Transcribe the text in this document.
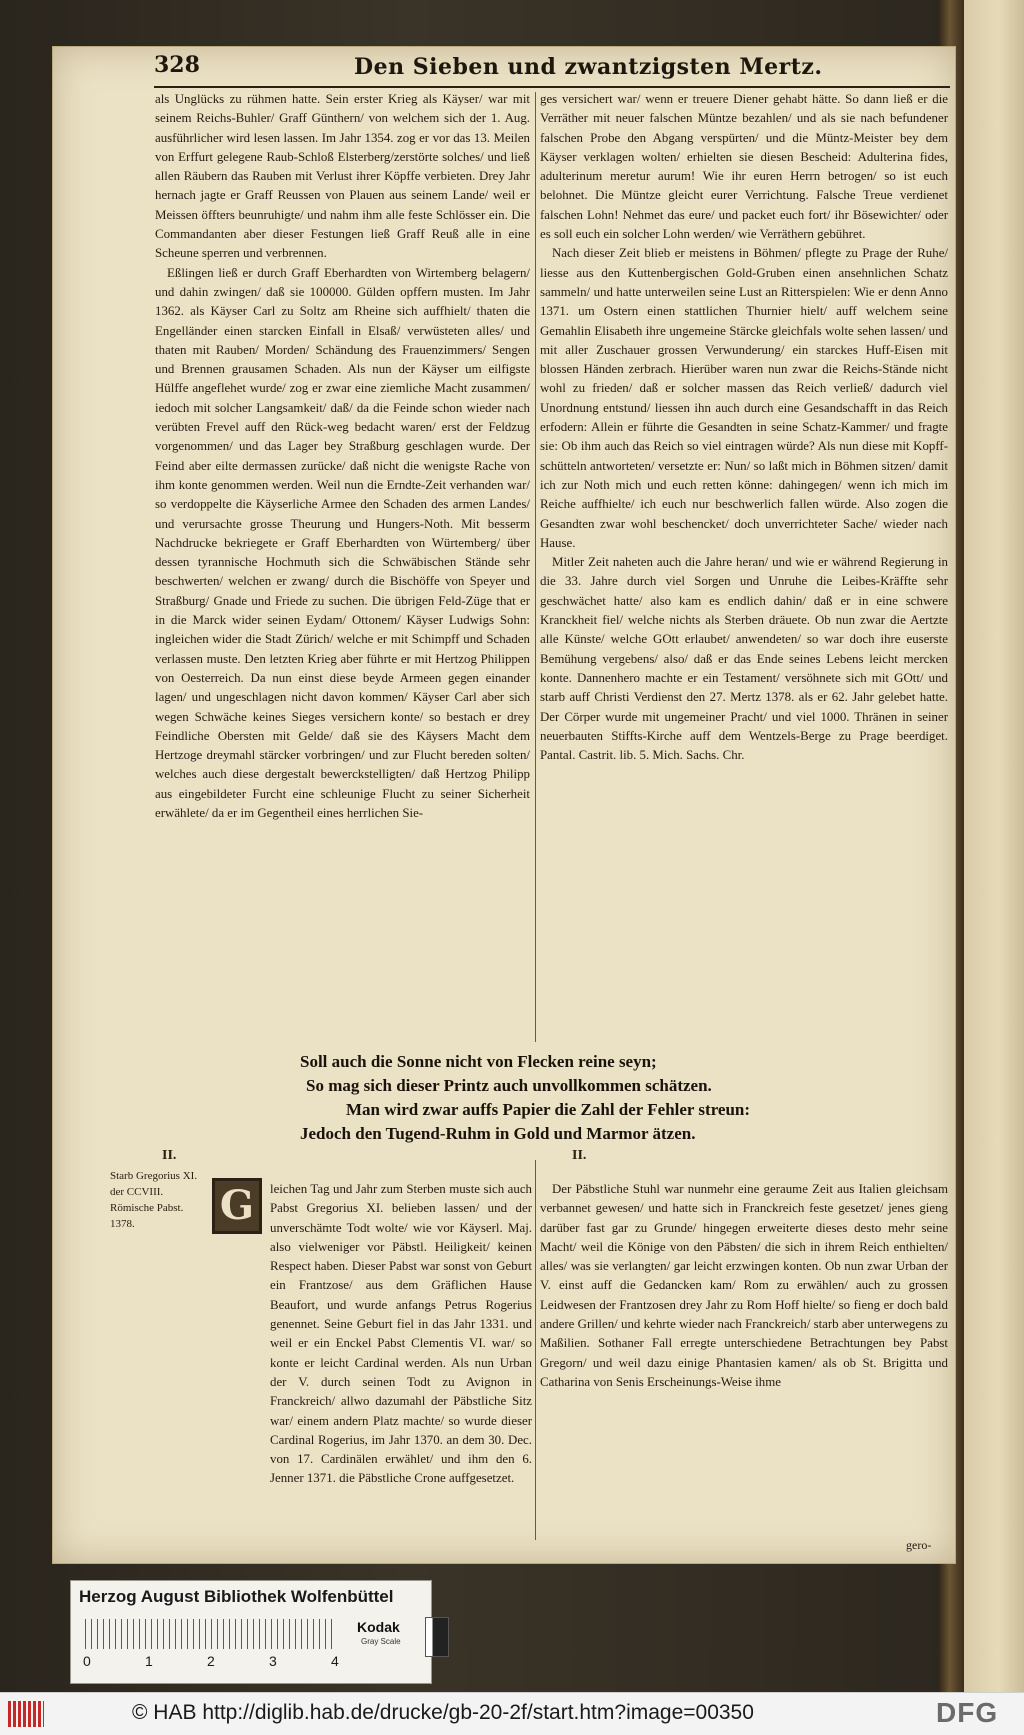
328	Den Sieben und zwantzigsten Mertz.

als Unglücks zu rühmen hatte. Sein erster Krieg als Käyser/ war mit seinem Reichs-Buhler/ Graff Günthern/ von welchem sich der 1. Aug. ausführlicher wird lesen lassen. Im Jahr 1354. zog er vor das 13. Meilen von Erffurt gelegene Raub-Schloß Elsterberg/zerstörte solches/ und ließ allen Räubern das Rauben mit Verlust ihrer Köpffe verbieten. Drey Jahr hernach jagte er Graff Reussen von Plauen aus seinem Lande/ weil er Meissen öffters beunruhigte/ und nahm ihm alle feste Schlösser ein. Die Commandanten aber dieser Festungen ließ Graff Reuß alle in eine Scheune sperren und verbrennen.

Eßlingen ließ er durch Graff Eberhardten von Wirtemberg belagern/ und dahin zwingen/ daß sie 100000. Gülden opffern musten. Im Jahr 1362. als Käyser Carl zu Soltz am Rheine sich auffhielt/ thaten die Engelländer einen starcken Einfall in Elsaß/ verwüsteten alles/ und thaten mit Rauben/ Morden/ Schändung des Frauenzimmers/ Sengen und Brennen grausamen Schaden. Als nun der Käyser um eilfigste Hülffe angeflehet wurde/ zog er zwar eine ziemliche Macht zusammen/ iedoch mit solcher Langsamkeit/ daß/ da die Feinde schon wieder nach verübten Frevel auff den Rück-weg bedacht waren/ erst der Feldzug vorgenommen/ und das Lager bey Straßburg geschlagen wurde. Der Feind aber eilte dermassen zurücke/ daß nicht die wenigste Rache von ihm konte genommen werden. Weil nun die Erndte-Zeit verhanden war/ so verdoppelte die Käyserliche Armee den Schaden des armen Landes/ und verursachte grosse Theurung und Hungers-Noth. Mit besserm Nachdrucke bekriegete er Graff Eberhardten von Würtemberg/ über dessen tyrannische Hochmuth sich die Schwäbischen Stände sehr beschwerten/ welchen er zwang/ durch die Bischöffe von Speyer und Straßburg/ Gnade und Friede zu suchen. Die übrigen Feld-Züge that er in die Marck wider seinen Eydam/ Ottonem/ Käyser Ludwigs Sohn: ingleichen wider die Stadt Zürich/ welche er mit Schimpff und Schaden verlassen muste. Den letzten Krieg aber führte er mit Hertzog Philippen von Oesterreich. Da nun einst diese beyde Armeen gegen einander lagen/ und ungeschlagen nicht davon kommen/ Käyser Carl aber sich wegen Schwäche keines Sieges versichern konte/ so bestach er drey Feindliche Obersten mit Gelde/ daß sie des Käysers Macht dem Hertzoge dreymahl stärcker vorbringen/ und zur Flucht bereden solten/ welches auch diese dergestalt bewerckstelligten/ daß Hertzog Philipp aus eingebildeter Furcht eine schleunige Flucht zu seiner Sicherheit erwählete/ da er im Gegentheil eines herrlichen Sie-

ges versichert war/ wenn er treuere Diener gehabt hätte. So dann ließ er die Verräther mit neuer falschen Müntze bezahlen/ und als sie nach befundener falschen Probe den Abgang verspürten/ und die Müntz-Meister bey dem Käyser verklagen wolten/ erhielten sie diesen Bescheid: Adulterina fides, adulterinum meretur aurum! Wie ihr euren Herrn betrogen/ so ist euch belohnet. Die Müntze gleicht eurer Verrichtung. Falsche Treue verdienet falschen Lohn! Nehmet das eure/ und packet euch fort/ ihr Bösewichter/ oder es soll euch ein solcher Lohn werden/ wie Verräthern gebühret.

Nach dieser Zeit blieb er meistens in Böhmen/ pflegte zu Prage der Ruhe/ liesse aus den Kuttenbergischen Gold-Gruben einen ansehnlichen Schatz sammeln/ und hatte unterweilen seine Lust an Ritterspielen: Wie er denn Anno 1371. um Ostern einen stattlichen Thurnier hielt/ auff welchem seine Gemahlin Elisabeth ihre ungemeine Stärcke gleichfals wolte sehen lassen/ und mit aller Zuschauer grossen Verwunderung/ ein starckes Huff-Eisen mit blossen Händen zerbrach. Hierüber waren nun zwar die Reichs-Stände nicht wohl zu frieden/ daß er solcher massen das Reich verließ/ dadurch viel Unordnung entstund/ liessen ihn auch durch eine Gesandschafft in das Reich erfodern: Allein er führte die Gesandten in seine Schatz-Kammer/ und fragte sie: Ob ihm auch das Reich so viel eintragen würde? Als nun diese mit Kopff-schütteln antworteten/ versetzte er: Nun/ so laßt mich in Böhmen sitzen/ damit ich zur Noth mich und euch retten könne: dahingegen/ wenn ich mich im Reiche auffhielte/ ich euch nur beschwerlich fallen würde. Also zogen die Gesandten zwar wohl beschencket/ doch unverrichteter Sache/ wieder nach Hause.

Mitler Zeit naheten auch die Jahre heran/ und wie er während Regierung in die 33. Jahre durch viel Sorgen und Unruhe die Leibes-Kräffte sehr geschwächet hatte/ also kam es endlich dahin/ daß er in eine schwere Kranckheit fiel/ welche nichts als Sterben dräuete. Ob nun zwar die Aertzte alle Künste/ welche GOtt erlaubet/ anwendeten/ so war doch ihre euserste Bemühung vergebens/ also/ daß er das Ende seines Lebens leicht mercken konte. Dannenhero machte er ein Testament/ versöhnete sich mit GOtt/ und starb auff Christi Verdienst den 27. Mertz 1378. als er 62. Jahr gelebet hatte. Der Cörper wurde mit ungemeiner Pracht/ und viel 1000. Thränen in seiner neuerbauten Stiffts-Kirche auff dem Wentzels-Berge zu Prage beerdiget. Pantal. Castrit. lib. 5. Mich. Sachs. Chr.

Soll auch die Sonne nicht von Flecken reine seyn;
So mag sich dieser Printz auch unvollkommen schätzen.
Man wird zwar auffs Papier die Zahl der Fehler streun:
Jedoch den Tugend-Ruhm in Gold und Marmor ätzen.
II.	II.
Starb Gregorius XI. der CCVIII. Römische Pabst. 1378.	G	leichen Tag und Jahr zum Sterben muste sich auch Pabst Gregorius XI. belieben lassen/ und der unverschämte Todt wolte/ wie vor Käyserl. Maj. also vielweniger vor Päbstl. Heiligkeit/ keinen Respect haben. Dieser Pabst war sonst von Geburt ein Frantzose/ aus dem Gräflichen Hause Beaufort, und wurde anfangs Petrus Rogerius genennet. Seine Geburt fiel in das Jahr 1331. und weil er ein Enckel Pabst Clementis VI. war/ so konte er leicht Cardinal werden. Als nun Urban der V. durch seinen Todt zu Avignon in Franckreich/ allwo dazumahl der Päbstliche Sitz war/ einem andern Platz machte/ so wurde dieser Cardinal Rogerius, im Jahr 1370. an dem 30. Dec. von 17. Cardinälen erwählet/ und ihm den 6. Jenner 1371. die Päbstliche Crone auffgesetzet.

Der Päbstliche Stuhl war nunmehr eine geraume Zeit aus Italien gleichsam verbannet gewesen/ und hatte sich in Franckreich feste gesetzet/ jenes gieng darüber fast gar zu Grunde/ hingegen erweiterte dieses desto mehr seine Macht/ weil die Könige von den Päbsten/ die sich in ihrem Reich enthielten/ alles/ was sie verlangten/ gar leicht erzwingen konten. Ob nun zwar Urban der V. einst auff die Gedancken kam/ Rom zu erwählen/ auch zu grossen Leidwesen der Frantzosen drey Jahr zu Rom Hoff hielte/ so fieng er doch bald andere Grillen/ und kehrte wieder nach Franckreich/ starb aber unterwegens zu Maßilien. Sothaner Fall erregte unterschiedene Betrachtungen bey Pabst Gregorn/ und weil dazu einige Phantasien kamen/ als ob St. Brigitta und Catharina von Senis Erscheinungs-Weise ihme

gero-
Herzog August Bibliothek Wolfenbüttel
0	1	2	3	4
Kodak
Gray Scale
© HAB http://diglib.hab.de/drucke/gb-20-2f/start.htm?image=00350	DFG
